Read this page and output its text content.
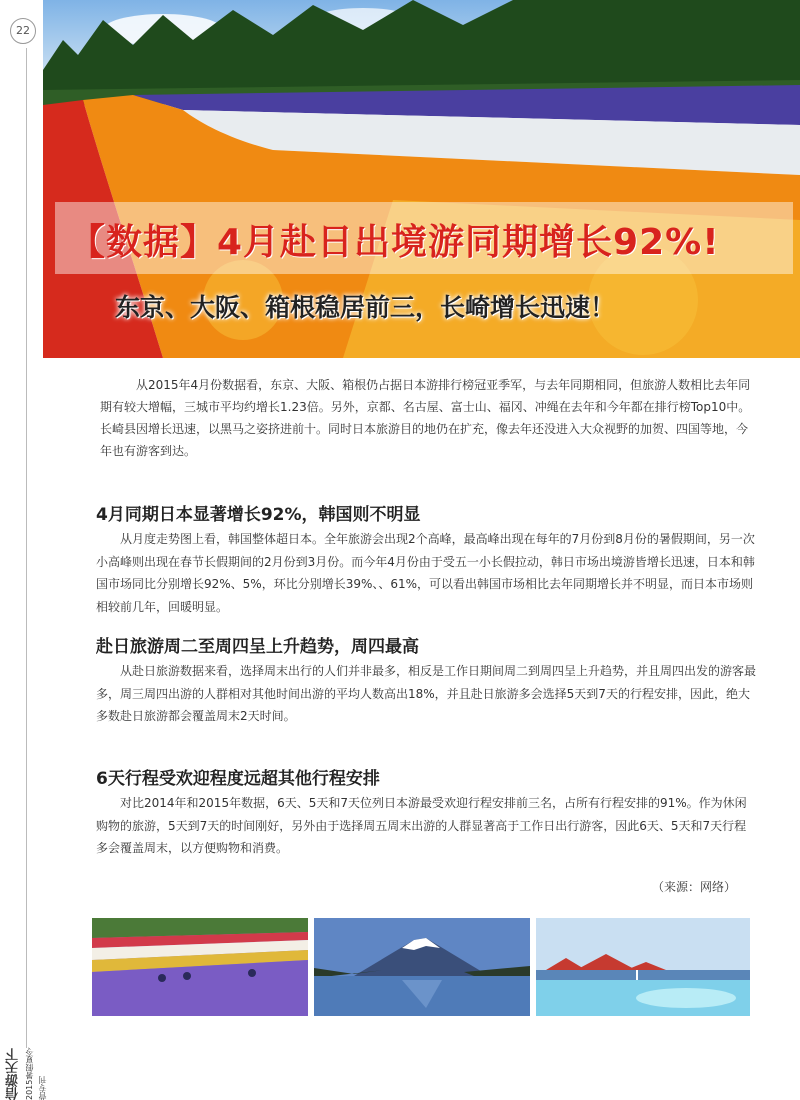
22
信游天下 2015暑假夏令营专刊
【数据】4月赴日出境游同期增长92%!
东京、大阪、箱根稳居前三，长崎增长迅速！

从2015年4月份数据看，东京、大阪、箱根仍占据日本游排行榜冠亚季军，与去年同期相同，但旅游人数相比去年同期有较大增幅，三城市平均约增长1.23倍。另外，京都、名古屋、富士山、福冈、冲绳在去年和今年都在排行榜Top10中。长崎县因增长迅速，以黑马之姿挤进前十。同时日本旅游目的地仍在扩充，像去年还没进入大众视野的加贺、四国等地，今年也有游客到达。

4月同期日本显著增长92%，韩国则不明显

从月度走势图上看，韩国整体超日本。全年旅游会出现2个高峰，最高峰出现在每年的7月份到8月份的暑假期间，另一次小高峰则出现在春节长假期间的2月份到3月份。而今年4月份由于受五一小长假拉动，韩日市场出境游皆增长迅速，日本和韩国市场同比分别增长92%、5%，环比分别增长39%、、61%，可以看出韩国市场相比去年同期增长并不明显，而日本市场则相较前几年，回暖明显。

赴日旅游周二至周四呈上升趋势，周四最高

从赴日旅游数据来看，选择周末出行的人们并非最多，相反是工作日期间周二到周四呈上升趋势，并且周四出发的游客最多，周三周四出游的人群相对其他时间出游的平均人数高出18%，并且赴日旅游多会选择5天到7天的行程安排，因此，绝大多数赴日旅游都会覆盖周末2天时间。

6天行程受欢迎程度远超其他行程安排

对比2014年和2015年数据，6天、5天和7天位列日本游最受欢迎行程安排前三名，占所有行程安排的91%。作为休闲购物的旅游，5天到7天的时间刚好，另外由于选择周五周末出游的人群显著高于工作日出行游客，因此6天、5天和7天行程多会覆盖周末，以方便购物和消费。

（来源：网络）
